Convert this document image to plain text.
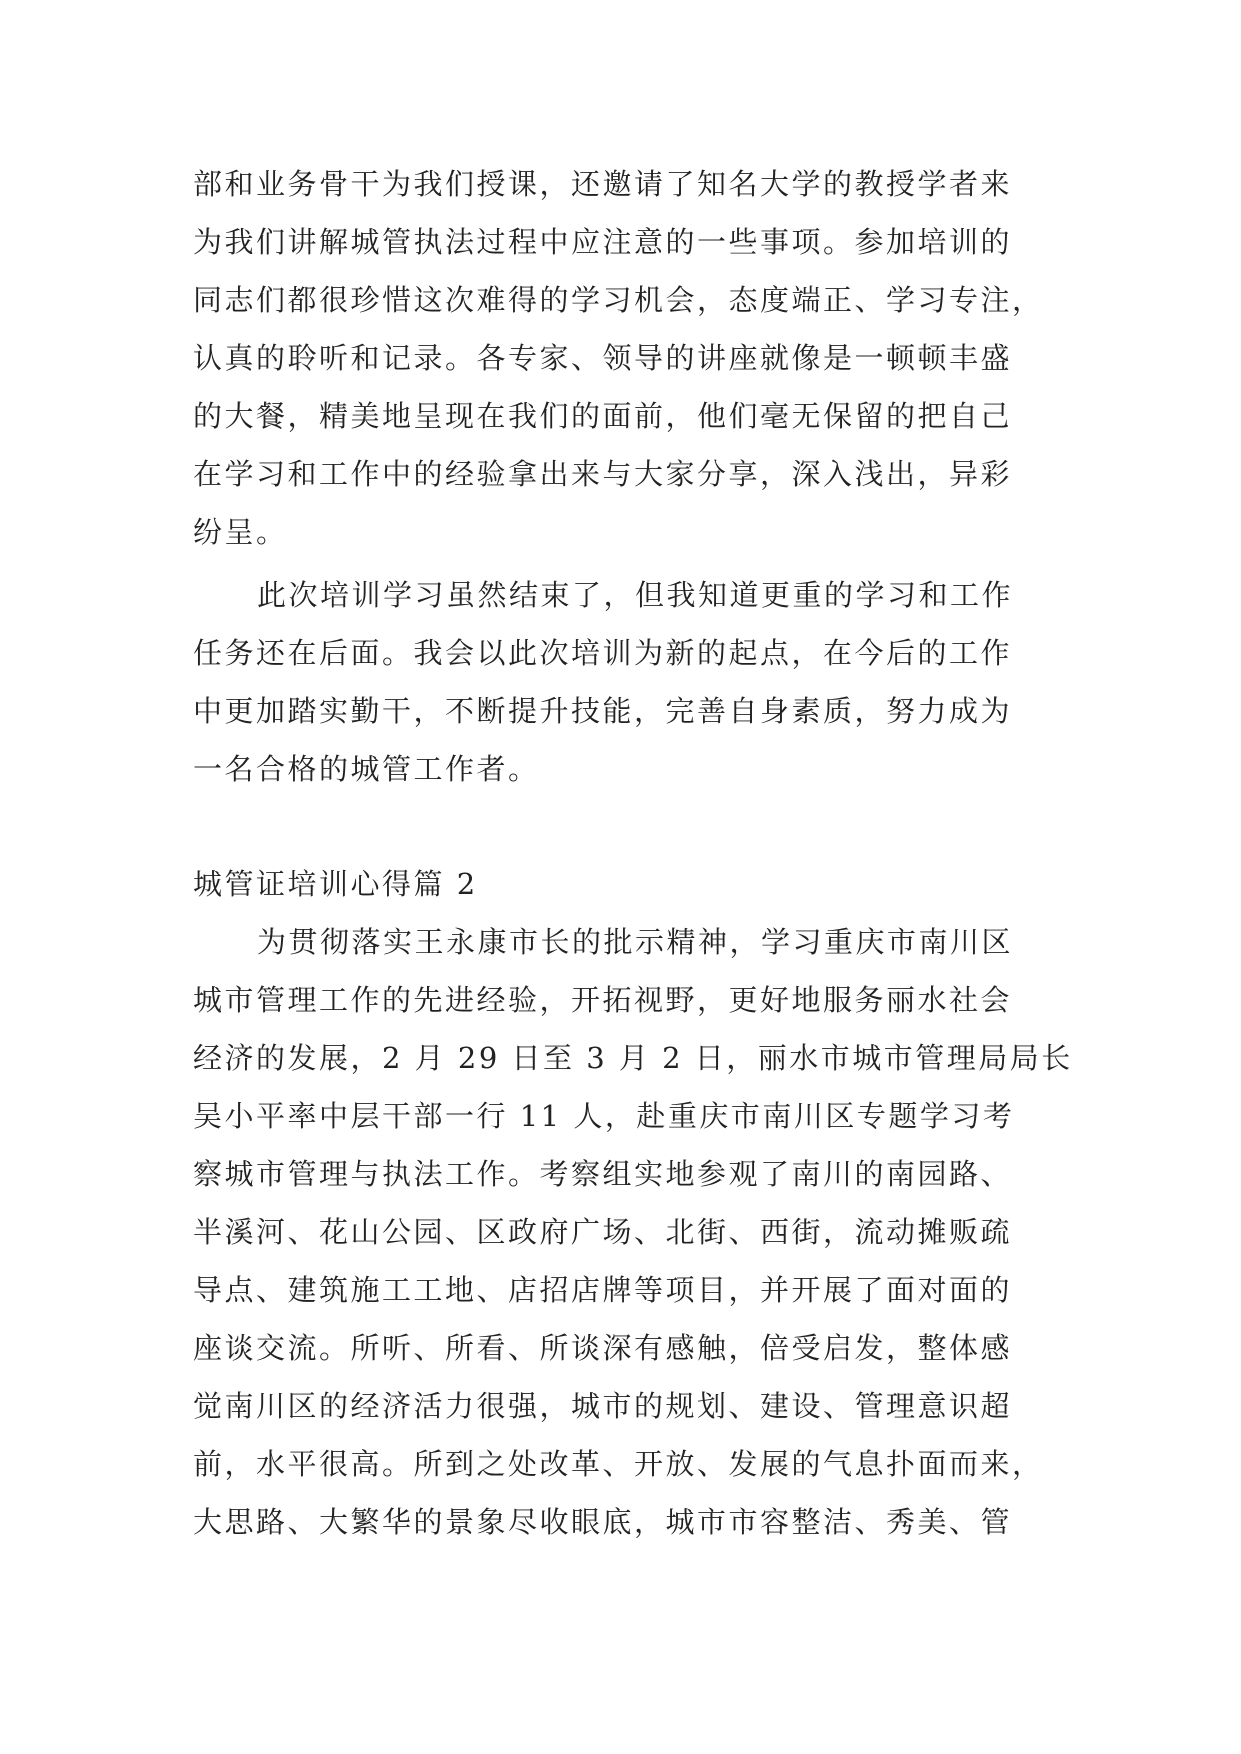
部和业务骨干为我们授课，还邀请了知名大学的教授学者来
为我们讲解城管执法过程中应注意的一些事项。参加培训的
同志们都很珍惜这次难得的学习机会，态度端正、学习专注，
认真的聆听和记录。各专家、领导的讲座就像是一顿顿丰盛
的大餐，精美地呈现在我们的面前，他们毫无保留的把自己
在学习和工作中的经验拿出来与大家分享，深入浅出，异彩
纷呈。
此次培训学习虽然结束了，但我知道更重的学习和工作
任务还在后面。我会以此次培训为新的起点，在今后的工作
中更加踏实勤干，不断提升技能，完善自身素质，努力成为
一名合格的城管工作者。
城管证培训心得篇 2
为贯彻落实王永康市长的批示精神，学习重庆市南川区
城市管理工作的先进经验，开拓视野，更好地服务丽水社会
经济的发展，2 月 29 日至 3 月 2 日，丽水市城市管理局局长
吴小平率中层干部一行 11 人，赴重庆市南川区专题学习考
察城市管理与执法工作。考察组实地参观了南川的南园路、
半溪河、花山公园、区政府广场、北街、西街，流动摊贩疏
导点、建筑施工工地、店招店牌等项目，并开展了面对面的
座谈交流。所听、所看、所谈深有感触，倍受启发，整体感
觉南川区的经济活力很强，城市的规划、建设、管理意识超
前，水平很高。所到之处改革、开放、发展的气息扑面而来，
大思路、大繁华的景象尽收眼底，城市市容整洁、秀美、管
